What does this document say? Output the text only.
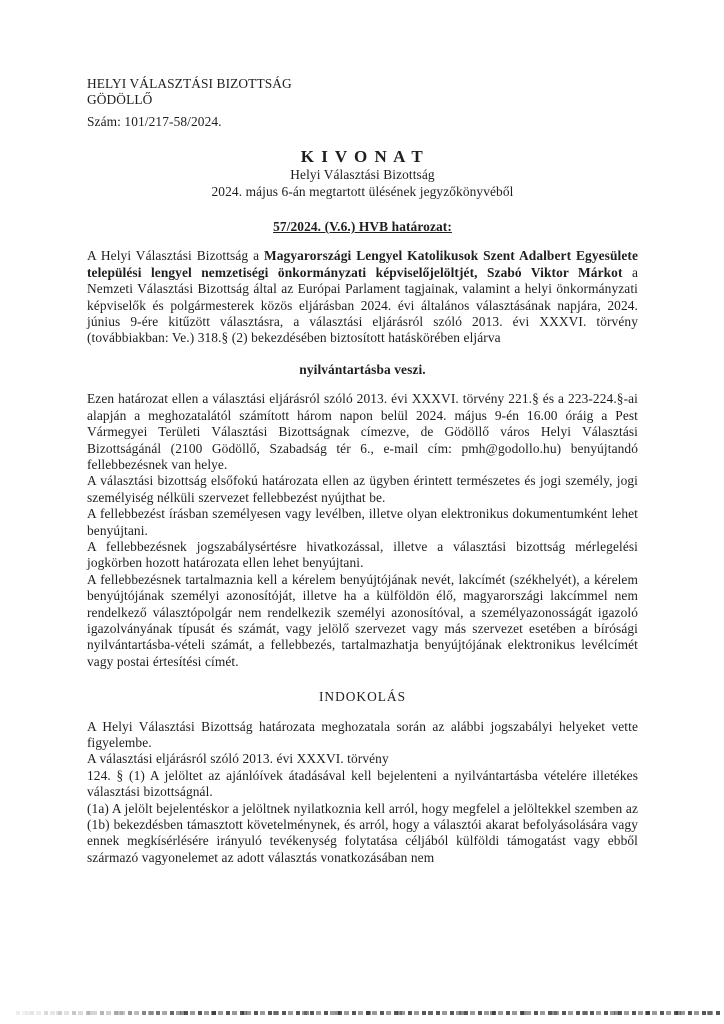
HELYI VÁLASZTÁSI BIZOTTSÁG
GÖDÖLLŐ
Szám: 101/217-58/2024.
K I V O N A T
Helyi Választási Bizottság
2024. május 6-án megtartott ülésének jegyzőkönyvéből
57/2024. (V.6.) HVB határozat:

A Helyi Választási Bizottság a Magyarországi Lengyel Katolikusok Szent Adalbert Egyesülete települési lengyel nemzetiségi önkormányzati képviselőjelöltjét, Szabó Viktor Márkot a Nemzeti Választási Bizottság által az Európai Parlament tagjainak, valamint a helyi önkormányzati képviselők és polgármesterek közös eljárásban 2024. évi általános választásának napjára, 2024. június 9-ére kitűzött választásra, a választási eljárásról szóló 2013. évi XXXVI. törvény (továbbiakban: Ve.) 318.§ (2) bekezdésében biztosított hatáskörében eljárva

nyilvántartásba veszi.

Ezen határozat ellen a választási eljárásról szóló 2013. évi XXXVI. törvény 221.§ és a 223-224.§-ai alapján a meghozatalától számított három napon belül 2024. május 9-én 16.00 óráig a Pest Vármegyei Területi Választási Bizottságnak címezve, de Gödöllő város Helyi Választási Bizottságánál (2100 Gödöllő, Szabadság tér 6., e-mail cím: pmh@godollo.hu) benyújtandó fellebbezésnek van helye.

A választási bizottság elsőfokú határozata ellen az ügyben érintett természetes és jogi személy, jogi személyiség nélküli szervezet fellebbezést nyújthat be.

A fellebbezést írásban személyesen vagy levélben, illetve olyan elektronikus dokumentumként lehet benyújtani.

A fellebbezésnek jogszabálysértésre hivatkozással, illetve a választási bizottság mérlegelési jogkörben hozott határozata ellen lehet benyújtani.

A fellebbezésnek tartalmaznia kell a kérelem benyújtójának nevét, lakcímét (székhelyét), a kérelem benyújtójának személyi azonosítóját, illetve ha a külföldön élő, magyarországi lakcímmel nem rendelkező választópolgár nem rendelkezik személyi azonosítóval, a személyazonosságát igazoló igazolványának típusát és számát, vagy jelölő szervezet vagy más szervezet esetében a bírósági nyilvántartásba-vételi számát, a fellebbezés, tartalmazhatja benyújtójának elektronikus levélcímét vagy postai értesítési címét.

INDOKOLÁS

A Helyi Választási Bizottság határozata meghozatala során az alábbi jogszabályi helyeket vette figyelembe.

A választási eljárásról szóló 2013. évi XXXVI. törvény

124. § (1) A jelöltet az ajánlóívek átadásával kell bejelenteni a nyilvántartásba vételére illetékes választási bizottságnál.

(1a) A jelölt bejelentéskor a jelöltnek nyilatkoznia kell arról, hogy megfelel a jelöltekkel szemben az (1b) bekezdésben támasztott követelménynek, és arról, hogy a választói akarat befolyásolására vagy ennek megkísérlésére irányuló tevékenység folytatása céljából külföldi támogatást vagy ebből származó vagyonelemet az adott választás vonatkozásában nem
